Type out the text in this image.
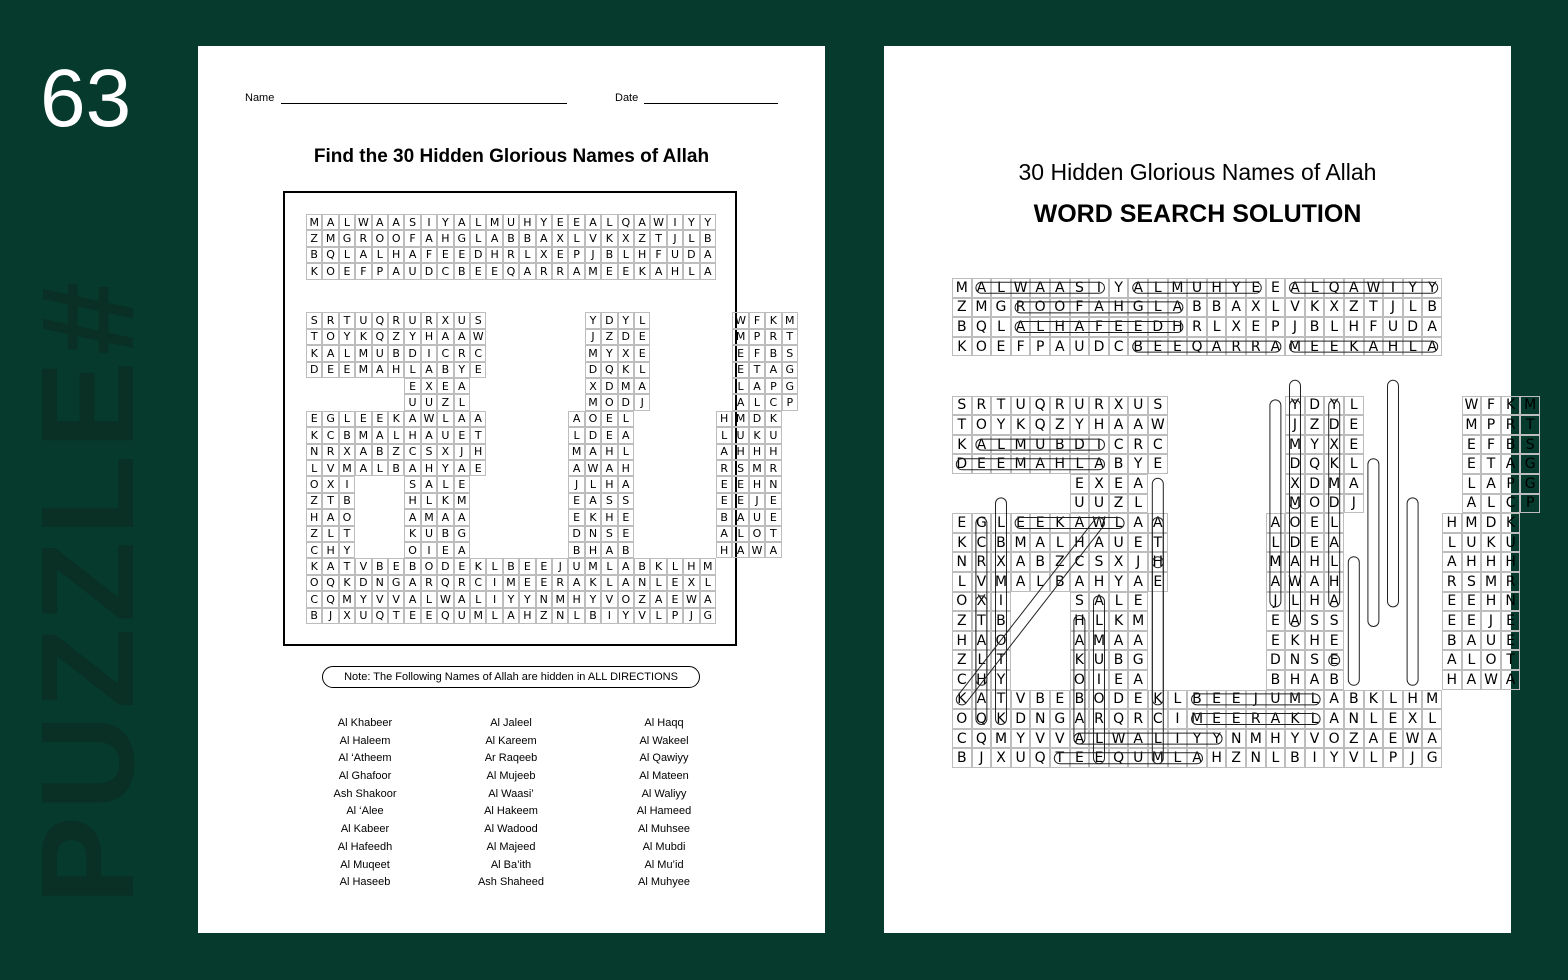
63
PUZZLE#
Name	Date
Find the 30 Hidden Glorious Names of Allah
M A L W A A S	I	Y A L M U H Y E E A L Q A W I	Y Y
Z M G R O O F A H G L A B B A X L V K X Z T	J	L B
B Q L A L H A F E E D H R L X E P	J	B L H F U D A
K O E F P A U D C B E E Q A R R A M E E K A H L A
S R T U Q R U R X U S	Y D Y L	W F K M
T O Y K Q Z Y H A A W	J	Z D E	M P R T
K A L M U B D I C R C	M Y X E	E F B S
D E E M A H L A B Y E	D Q K L	E T A G
E X E A	X D M A	L A P G
U U Z L	M O D J	A L C P
E G L E E K A W L A A	A O E L	H M D K
K C B M A L H A U E T	L D E A	L U K U
N R X A B Z C S X	J H	M A H L	A H H H
L V M A L B A H Y A E	A W A H	R S M R
O X	I	S A L E	J	L H A	E E H N
Z T B	H L K M	E A S S	E E	J	E
H A O	A M A A	E K H E	B A U E
Z L T	K U B G	D N S E	A L O T
C H Y	O I	E A	B H A B	H A W A
K A T V B E B O D E K L B E E	J U M L A B K L H M
O Q K D N G A R Q R C I M E E R A K L A N L E X L
C Q M Y V V A L W A L	I	Y Y N M H Y V O Z A E W A
B J	X U Q T E E Q U M L A H Z N L B I	Y V L P	J G
Note: The Following Names of Allah are hidden in ALL DIRECTIONS
Al Khabeer
Al Haleem
Al ‘Atheem
Al Ghafoor
Ash Shakoor
Al ‘Alee
Al Kabeer
Al Hafeedh
Al Muqeet
Al Haseeb
Al Jaleel
Al Kareem
Ar Raqeeb
Al Mujeeb
Al Waasi’
Al Hakeem
Al Wadood
Al Majeed
Al Ba’ith
Ash Shaheed
Al Haqq
Al Wakeel
Al Qawiyy
Al Mateen
Al Waliyy
Al Hameed
Al Muhsee
Al Mubdi
Al Mu’id
Al Muhyee
30 Hidden Glorious Names of Allah
WORD SEARCH SOLUTION
M A L W A A S I Y A L M U H Y E E A L Q A W I Y Y
Z M G R O O F A H G L A B B A X L V K X Z T J L B
B Q L A L H A F E E D H R L X E P J B L H F U D A
K O E F P A U D C B E E Q A R R A M E E K A H L A
S R T U Q R U R X U S	Y D Y L	W F K M
T O Y K Q Z Y H A A W	J Z D E	M P R T
K A L M U B D I C R C	M Y X E	E F B S
D E E M A H L A B Y E	D Q K L	E T A G
E X E A	X D M A	L A P G
U U Z L	M O D J	A L C P
E G L E E K A W L A A	A O E L	H M D K
K C B M A L H A U E T	L D E A	L U K U
N R X A B Z C S X J H	M A H L	A H H H
L V M A L B A H Y A E	A W A H	R S M R
O X I	S A L E	J L H A	E E H N
Z T B	H L K M	E A S S	E E J E
H A O	A M A A	E K H E	B A U E
Z L T	K U B G	D N S E	A L O T
C H Y	O I E A	B H A B	H A W A
K A T V B E B O D E K L B E E J U M L A B K L H M
O Q K D N G A R Q R C I M E E R A K L A N L E X L
C Q M Y V V A L W A L I Y Y N M H Y V O Z A E W A
B J X U Q T E E Q U M L A H Z N L B I Y V L P J G
